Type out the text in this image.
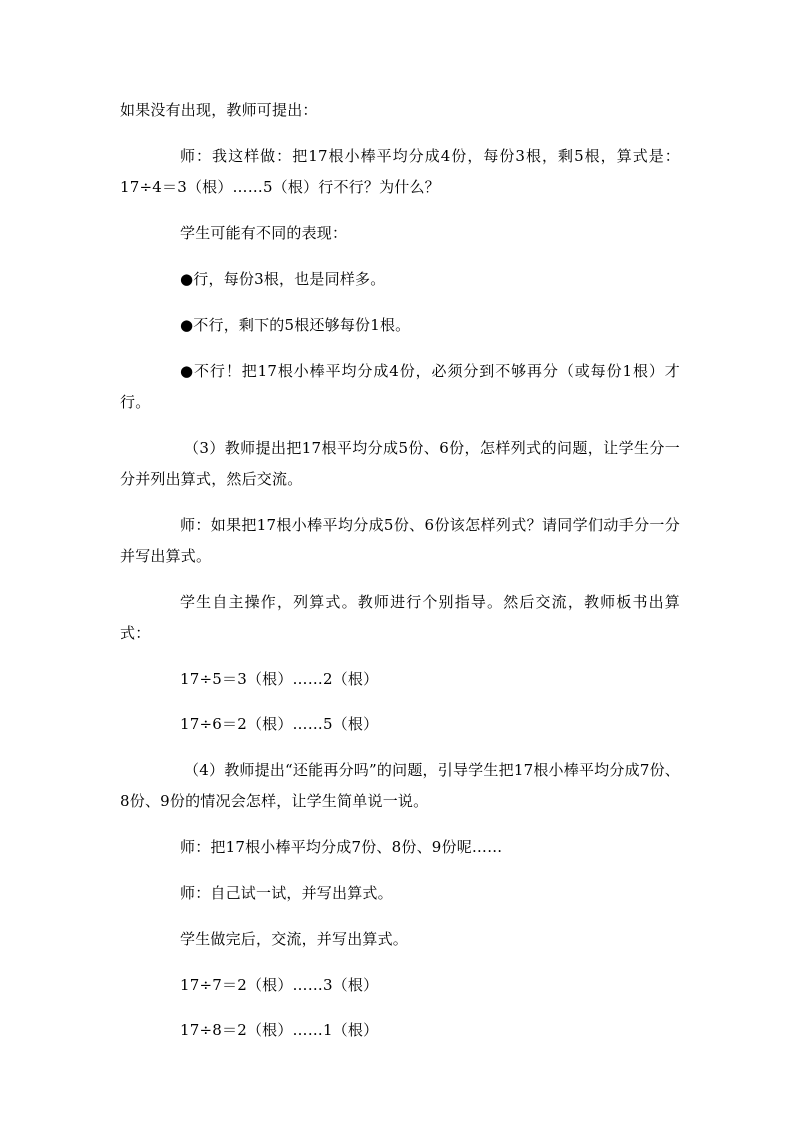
如果没有出现，教师可提出：

师：我这样做：把17根小棒平均分成4份，每份3根，剩5根，算式是：17÷4＝3（根）……5（根）行不行？为什么？

学生可能有不同的表现：

●行，每份3根，也是同样多。

●不行，剩下的5根还够每份1根。

●不行！把17根小棒平均分成4份，必须分到不够再分（或每份1根）才行。

（3）教师提出把17根平均分成5份、6份，怎样列式的问题，让学生分一分并列出算式，然后交流。

师：如果把17根小棒平均分成5份、6份该怎样列式？请同学们动手分一分并写出算式。

学生自主操作，列算式。教师进行个别指导。然后交流，教师板书出算式：

17÷5＝3（根）……2（根）

17÷6＝2（根）……5（根）

（4）教师提出“还能再分吗”的问题，引导学生把17根小棒平均分成7份、8份、9份的情况会怎样，让学生简单说一说。

师：把17根小棒平均分成7份、8份、9份呢……

师：自己试一试，并写出算式。

学生做完后，交流，并写出算式。

17÷7＝2（根）……3（根）

17÷8＝2（根）……1（根）
